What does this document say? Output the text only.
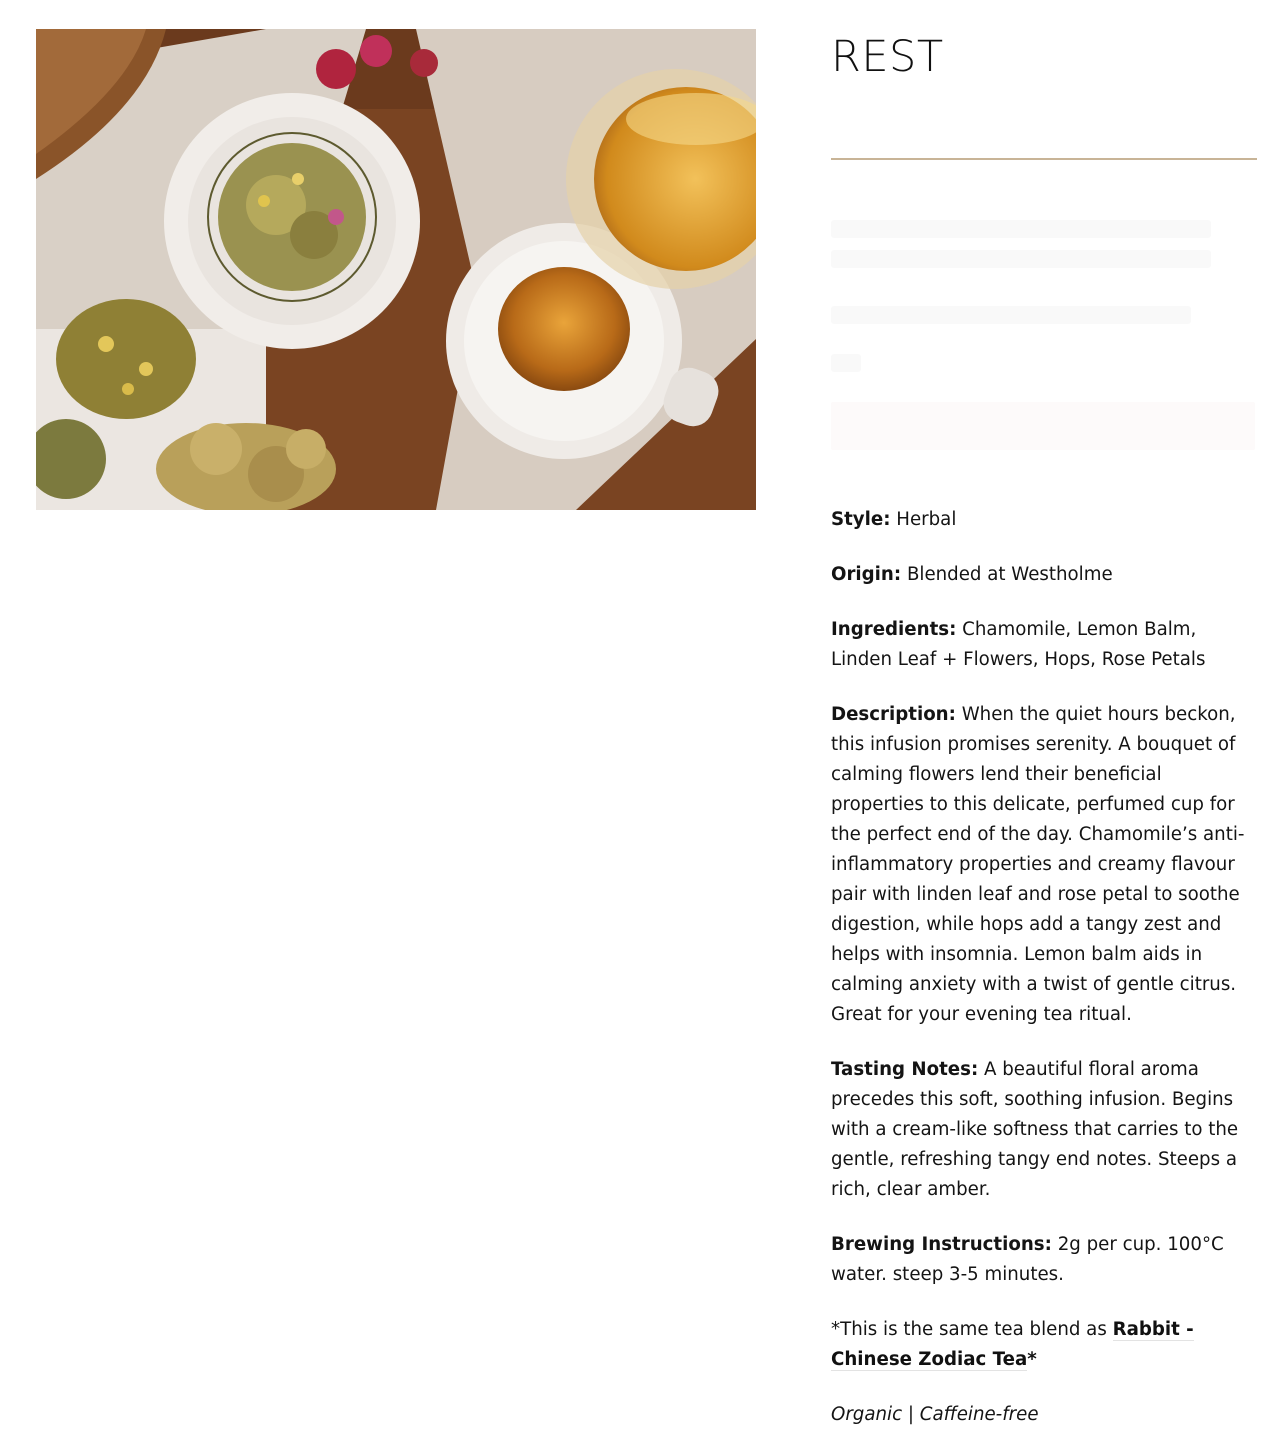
REST

Style: Herbal

Origin: Blended at Westholme

Ingredients: Chamomile, Lemon Balm, Linden Leaf + Flowers, Hops, Rose Petals

Description: When the quiet hours beckon, this infusion promises serenity. A bouquet of calming flowers lend their beneficial properties to this delicate, perfumed cup for the perfect end of the day. Chamomile’s anti-inflammatory properties and creamy flavour pair with linden leaf and rose petal to soothe digestion, while hops add a tangy zest and helps with insomnia. Lemon balm aids in calming anxiety with a twist of gentle citrus. Great for your evening tea ritual.

Tasting Notes: A beautiful floral aroma precedes this soft, soothing infusion. Begins with a cream-like softness that carries to the gentle, refreshing tangy end notes. Steeps a rich, clear amber.

Brewing Instructions: 2g per cup. 100°C water. steep 3-5 minutes.

*This is the same tea blend as Rabbit - Chinese Zodiac Tea*

Organic | Caffeine-free
